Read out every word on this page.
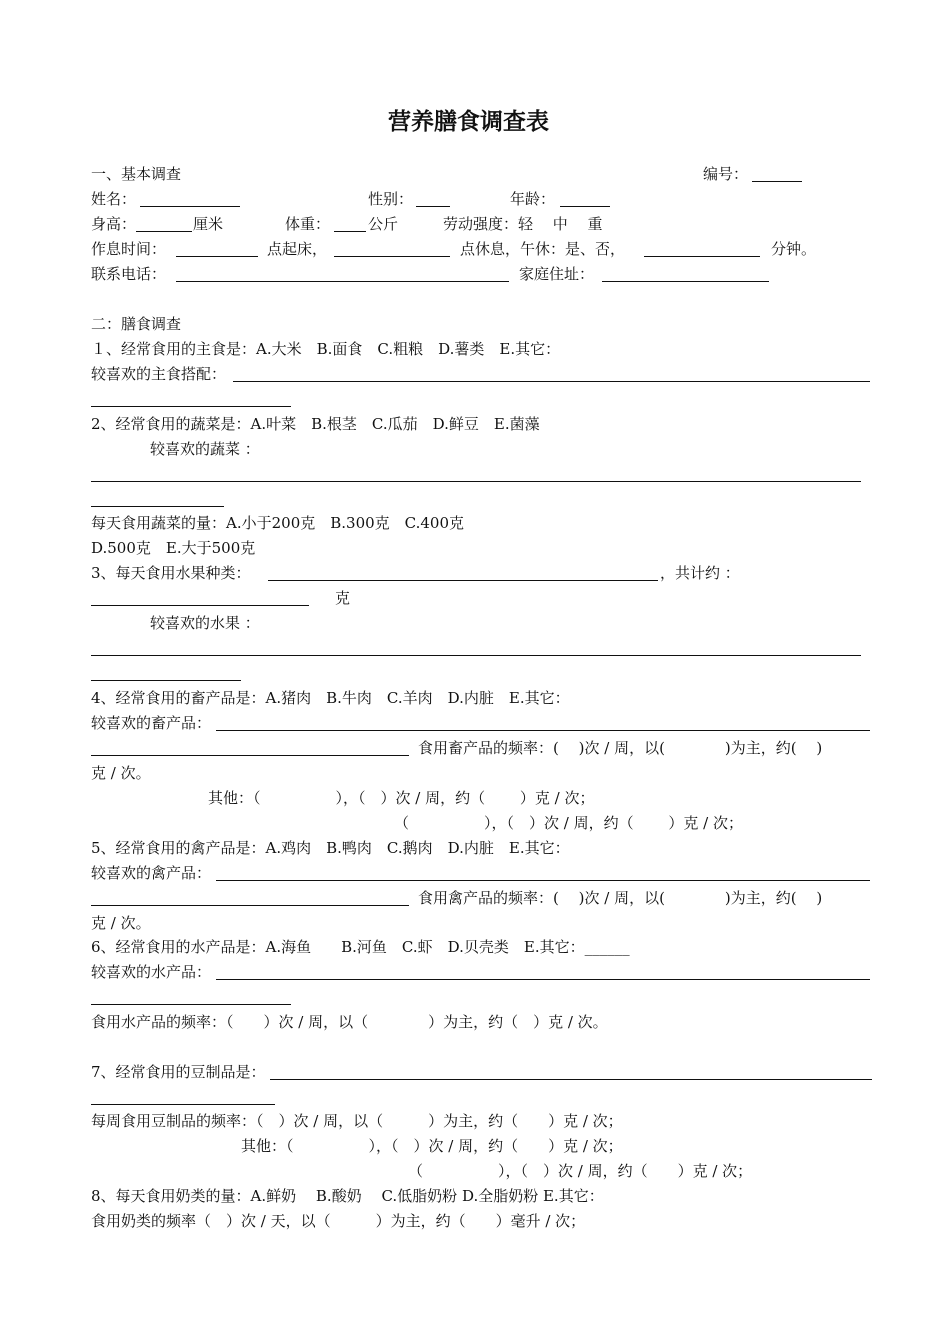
营养膳食调查表
一、基本调查	编号：
姓名：	性别：	年龄：
身高：	厘米	体重：	公斤	劳动强度：轻　 中　 重
作息时间：	点起床，	点休息，午休：是、否，	分钟。
联系电话：	家庭住址：
二：膳食调查
１、经常食用的主食是：A.大米　B.面食　C.粗粮　D.薯类　E.其它：
较喜欢的主食搭配：
2、经常食用的蔬菜是：A.叶菜　B.根茎　C.瓜茄　D.鲜豆　E.菌藻
较喜欢的蔬菜 ：
每天食用蔬菜的量：A.小于200克　B.300克　C.400克
D.500克　E.大于500克
3、每天食用水果种类：	，共计约 ：
克
较喜欢的水果 ：
4、经常食用的畜产品是：A.猪肉　B.牛肉　C.羊肉　D.内脏　E.其它：
较喜欢的畜产品：
食用畜产品的频率：(　 )次 / 周，以(　　　　)为主，约(　 )
克 / 次。
其他：（　　　　　），（　）次 / 周，约（　　 ）克 / 次；
（　　　　　），（　）次 / 周，约（　　 ）克 / 次；
5、经常食用的禽产品是：A.鸡肉　B.鸭肉　C.鹅肉　D.内脏　E.其它：
较喜欢的禽产品：
食用禽产品的频率：(　 )次 / 周，以(　　　　)为主，约(　 )
克 / 次。
6、经常食用的水产品是：A.海鱼　　B.河鱼　C.虾　D.贝壳类　E.其它：______
较喜欢的水产品：
食用水产品的频率：（　　）次 / 周，以（　　　　）为主，约（　）克 / 次。
7、经常食用的豆制品是：
每周食用豆制品的频率：（　）次 / 周，以（　　　）为主，约（　　）克 / 次；
其他：（　　　　　），（　）次 / 周，约（　　）克 / 次；
（　　　　　），（　）次 / 周，约（　　）克 / 次；
8、每天食用奶类的量：A.鲜奶　 B.酸奶　 C.低脂奶粉 D.全脂奶粉 E.其它：
食用奶类的频率（　）次 / 天，以（　　　）为主，约（　　）毫升 / 次；
